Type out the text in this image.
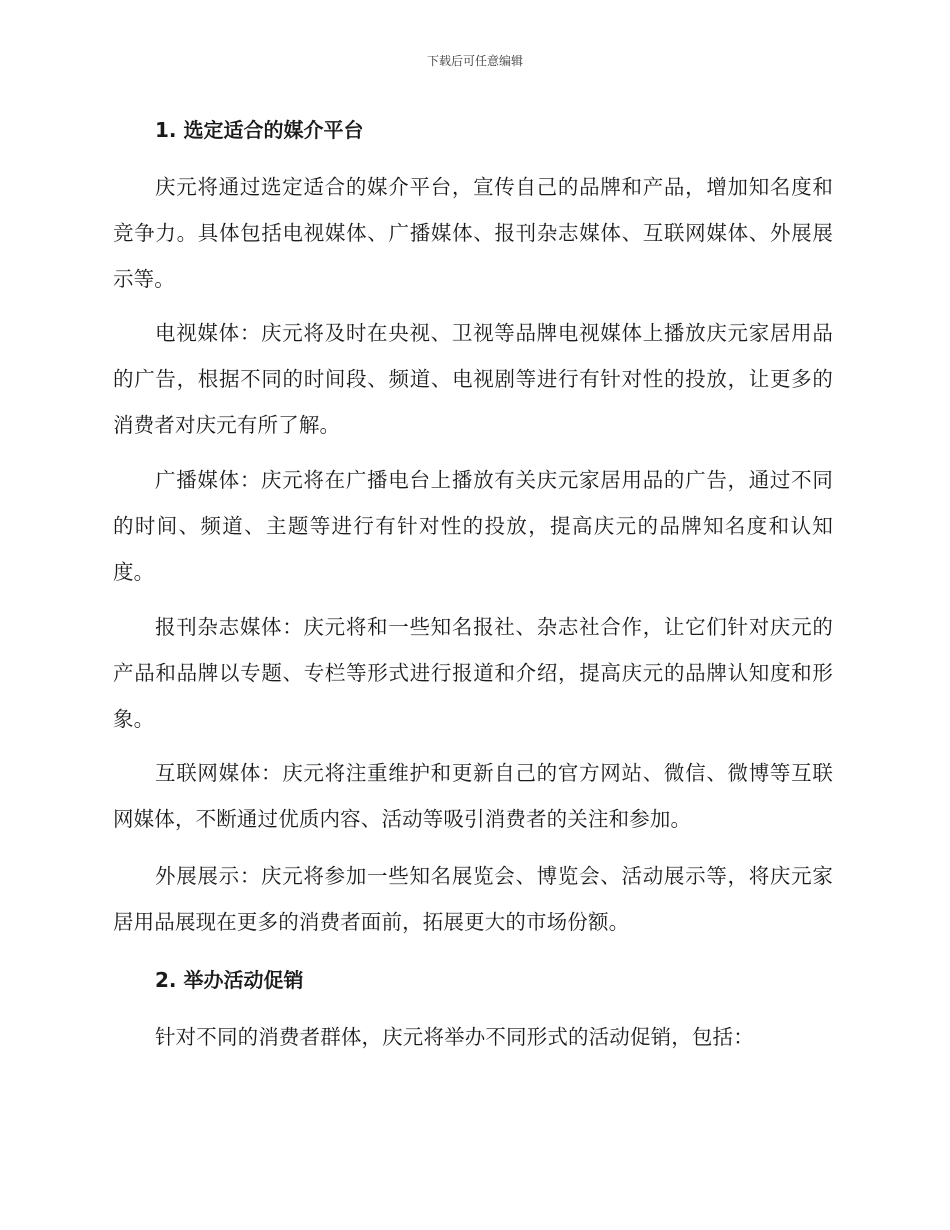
下载后可任意编辑
1. 选定适合的媒介平台

庆元将通过选定适合的媒介平台，宣传自己的品牌和产品，增加知名度和竞争力。具体包括电视媒体、广播媒体、报刊杂志媒体、互联网媒体、外展展示等。

电视媒体：庆元将及时在央视、卫视等品牌电视媒体上播放庆元家居用品的广告，根据不同的时间段、频道、电视剧等进行有针对性的投放，让更多的消费者对庆元有所了解。

广播媒体：庆元将在广播电台上播放有关庆元家居用品的广告，通过不同的时间、频道、主题等进行有针对性的投放，提高庆元的品牌知名度和认知度。

报刊杂志媒体：庆元将和一些知名报社、杂志社合作，让它们针对庆元的产品和品牌以专题、专栏等形式进行报道和介绍，提高庆元的品牌认知度和形象。

互联网媒体：庆元将注重维护和更新自己的官方网站、微信、微博等互联网媒体，不断通过优质内容、活动等吸引消费者的关注和参加。

外展展示：庆元将参加一些知名展览会、博览会、活动展示等，将庆元家居用品展现在更多的消费者面前，拓展更大的市场份额。

2. 举办活动促销

针对不同的消费者群体，庆元将举办不同形式的活动促销，包括：
